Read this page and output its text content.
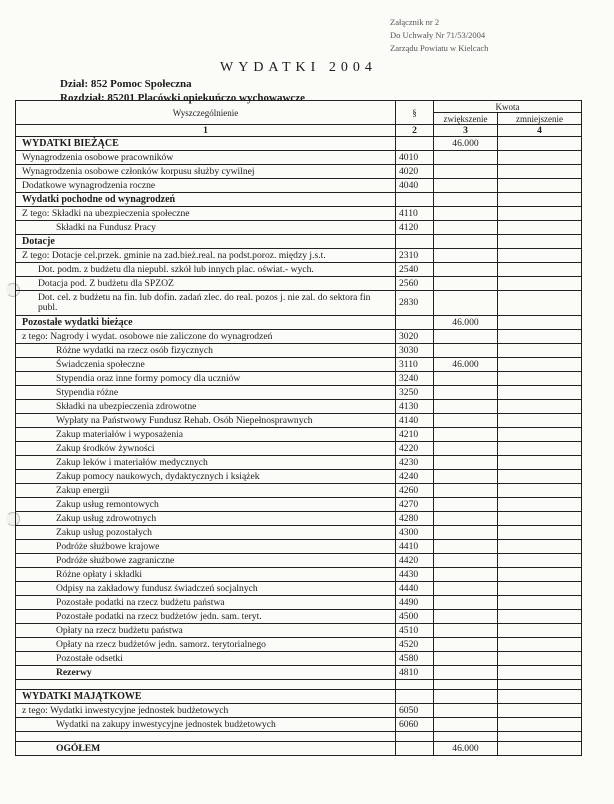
Załącznik nr 2
Do Uchwały Nr 71/53/2004
Zarządu Powiatu w Kielcach
WYDATKI 2004
Dział: 852 Pomoc Społeczna
Rozdział: 85201 Placówki opiekuńczo wychowawcze
Wyszczególnienie	§	Kwota	
		zwiększenie	zmniejszenie
1	2	3	4
WYDATKI BIEŻĄCE		46.000	
Wynagrodzenia osobowe pracowników	4010		
Wynagrodzenia osobowe członków korpusu służby cywilnej	4020		
Dodatkowe wynagrodzenia roczne	4040		
Wydatki pochodne od wynagrodzeń			
Z tego: Składki na ubezpieczenia społeczne	4110		
Składki na Fundusz Pracy	4120		
Dotacje			
Z tego: Dotacje cel.przek. gminie na zad.bież.real. na podst.poroz. między j.s.t.	2310		
Dot. podm. z budżetu dla niepubl. szkół lub innych plac. oświat.- wych.	2540		
Dotacja pod. Z budżetu dla SPZOZ	2560		
Dot. cel. z budżetu na fin. lub dofin. zadań zlec. do real. pozos j. nie zal. do sektora fin publ.	2830		
Pozostałe wydatki bieżące		46.000	
z tego: Nagrody i wydat. osobowe nie zaliczone do wynagrodzeń	3020		
Różne wydatki na rzecz osób fizycznych	3030		
Świadczenia społeczne	3110	46.000	
Stypendia oraz inne formy pomocy dla uczniów	3240		
Stypendia różne	3250		
Składki na ubezpieczenia zdrowotne	4130		
Wypłaty na Państwowy Fundusz Rehab. Osób Niepełnosprawnych	4140		
Zakup materiałów i wyposażenia	4210		
Zakup środków żywności	4220		
Zakup leków i materiałów medycznych	4230		
Zakup pomocy naukowych, dydaktycznych i książek	4240		
Zakup energii	4260		
Zakup usług remontowych	4270		
Zakup usług zdrowotnych	4280		
Zakup usług pozostałych	4300		
Podróże służbowe krajowe	4410		
Podróże służbowe zagraniczne	4420		
Różne opłaty i składki	4430		
Odpisy na zakładowy fundusz świadczeń socjalnych	4440		
Pozostałe podatki na rzecz budżetu państwa	4490		
Pozostałe podatki na rzecz budżetów jedn. sam. teryt.	4500		
Opłaty na rzecz budżetu państwa	4510		
Opłaty na rzecz budżetów jedn. samorz. terytorialnego	4520		
Pozostałe odsetki	4580		
Rezerwy	4810		

WYDATKI MAJĄTKOWE			
z tego: Wydatki inwestycyjne jednostek budżetowych	6050		
Wydatki na zakupy inwestycyjne jednostek budżetowych	6060		

OGÓŁEM		46.000	
